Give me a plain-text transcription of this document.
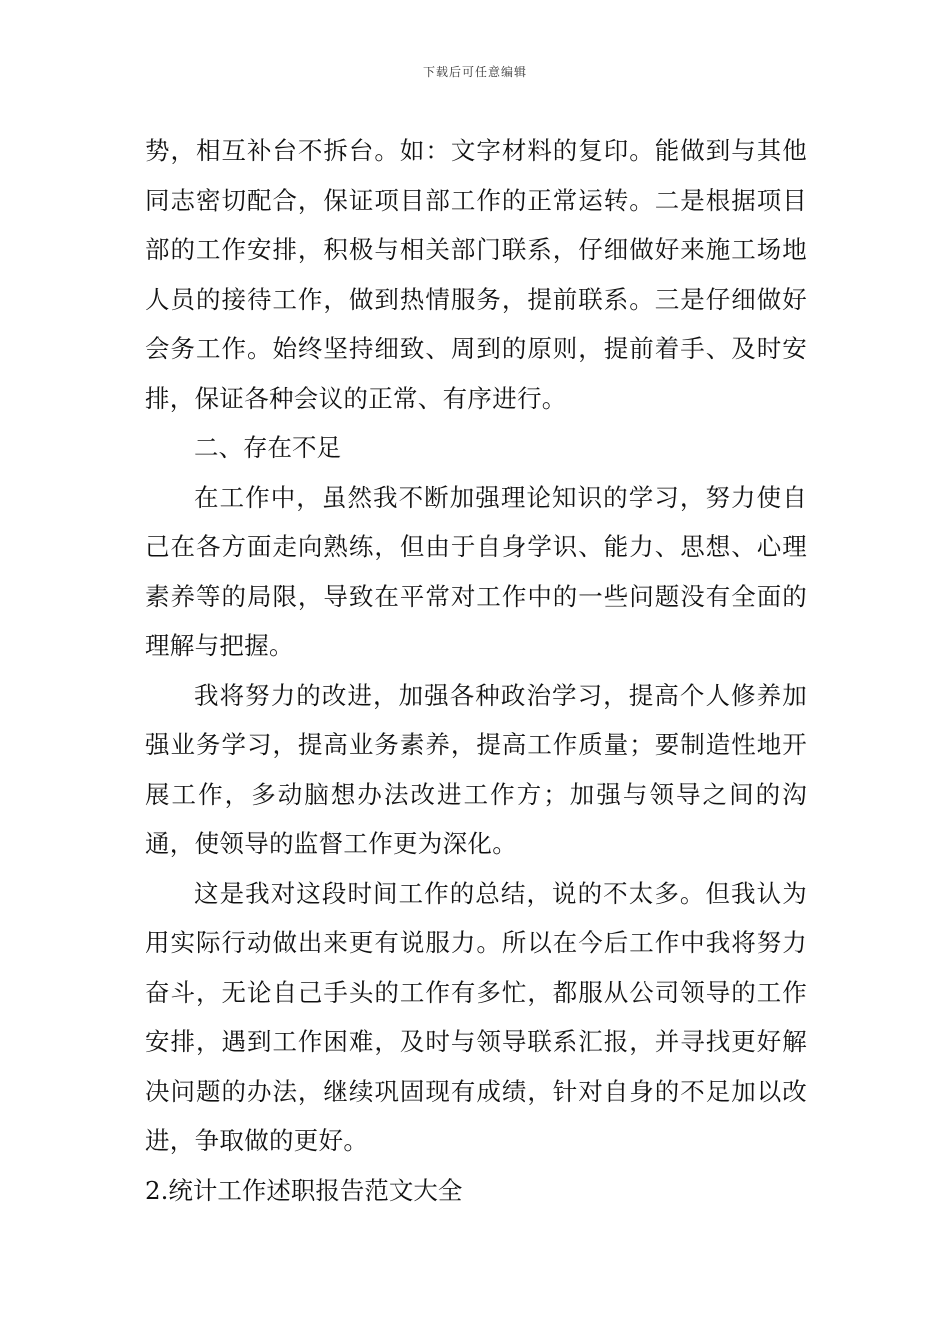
下载后可任意编辑

势，相互补台不拆台。如：文字材料的复印。能做到与其他同志密切配合，保证项目部工作的正常运转。二是根据项目部的工作安排，积极与相关部门联系，仔细做好来施工场地人员的接待工作，做到热情服务，提前联系。三是仔细做好会务工作。始终坚持细致、周到的原则，提前着手、及时安排，保证各种会议的正常、有序进行。

二、存在不足

在工作中，虽然我不断加强理论知识的学习，努力使自己在各方面走向熟练，但由于自身学识、能力、思想、心理素养等的局限，导致在平常对工作中的一些问题没有全面的理解与把握。

我将努力的改进，加强各种政治学习，提高个人修养加强业务学习，提高业务素养，提高工作质量；要制造性地开展工作，多动脑想办法改进工作方；加强与领导之间的沟通，使领导的监督工作更为深化。

这是我对这段时间工作的总结，说的不太多。但我认为用实际行动做出来更有说服力。所以在今后工作中我将努力奋斗，无论自己手头的工作有多忙，都服从公司领导的工作安排，遇到工作困难，及时与领导联系汇报，并寻找更好解决问题的办法，继续巩固现有成绩，针对自身的不足加以改进，争取做的更好。

2.统计工作述职报告范文大全
